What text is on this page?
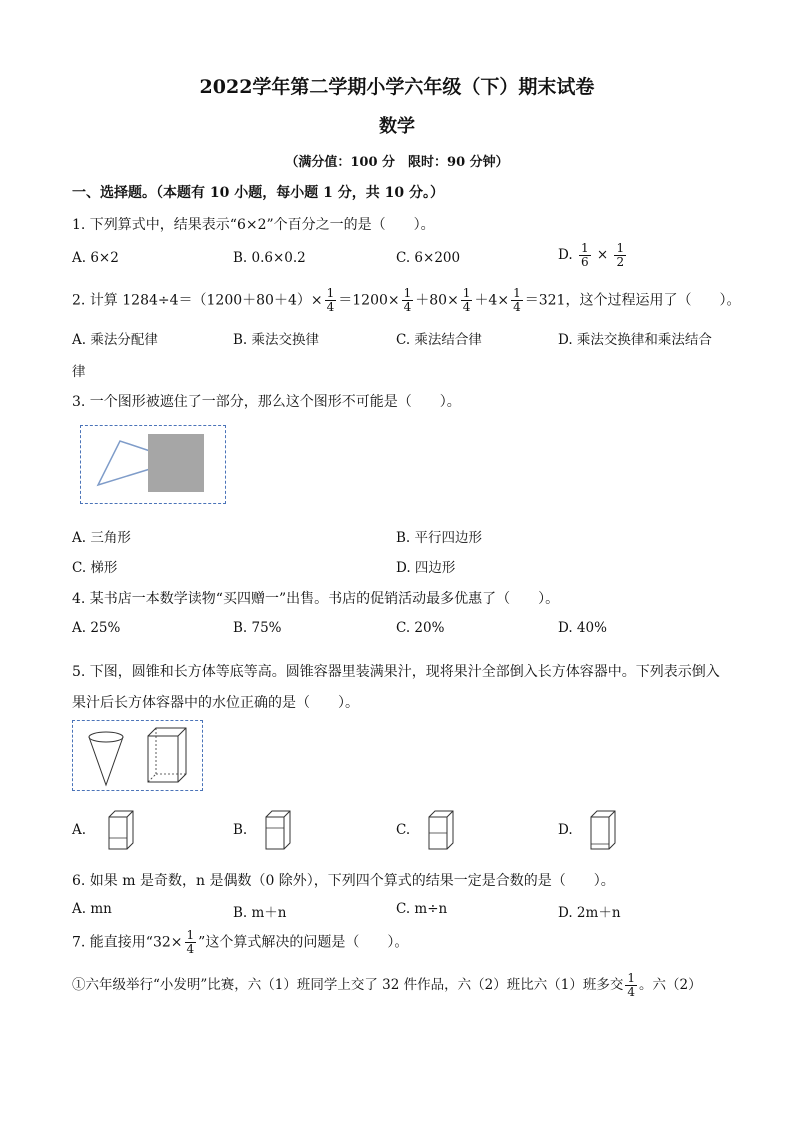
2022学年第二学期小学六年级（下）期末试卷
数学
（满分值：100 分　限时：90 分钟）
一、选择题。（本题有 10 小题，每小题 1 分，共 10 分。）
1. 下列算式中，结果表示“6×2”个百分之一的是（　　）。
A. 6×2	B. 0.6×0.2	C. 6×200	D. $\frac{1}{6} \times \frac{1}{2}$
2. 计算 $1284\div 4=(1200+80+4)\times \frac{1}{4} =1200\times \frac{1}{4} +80\times \frac{1}{4} +4\times \frac{1}{4} =321$，这个过程运用了（　　）。
A. 乘法分配律	B. 乘法交换律	C. 乘法结合律	D. 乘法交换律和乘法结合
律
3. 一个图形被遮住了一部分，那么这个图形不可能是（　　）。
A. 三角形	B. 平行四边形
C. 梯形	D. 四边形
4. 某书店一本数学读物“买四赠一”出售。书店的促销活动最多优惠了（　　）。
A. 25%	B. 75%	C. 20%	D. 40%
5. 下图，圆锥和长方体等底等高。圆锥容器里装满果汁，现将果汁全部倒入长方体容器中。下列表示倒入
果汁后长方体容器中的水位正确的是（　　）。
A.	B.	C.	D.
6. 如果 m 是奇数，n 是偶数（0 除外），下列四个算式的结果一定是合数的是（　　）。
A. mn	B. m＋n	C. m÷n	D. 2m＋n
7. 能直接用“$32\times \frac{1}{4}$ ”这个算式解决的问题是（　　）。
①六年级举行“小发明”比赛，六（1）班同学上交了 32 件作品，六（2）班比六（1）班多交 $\frac{1}{4}$ 。六（2）
